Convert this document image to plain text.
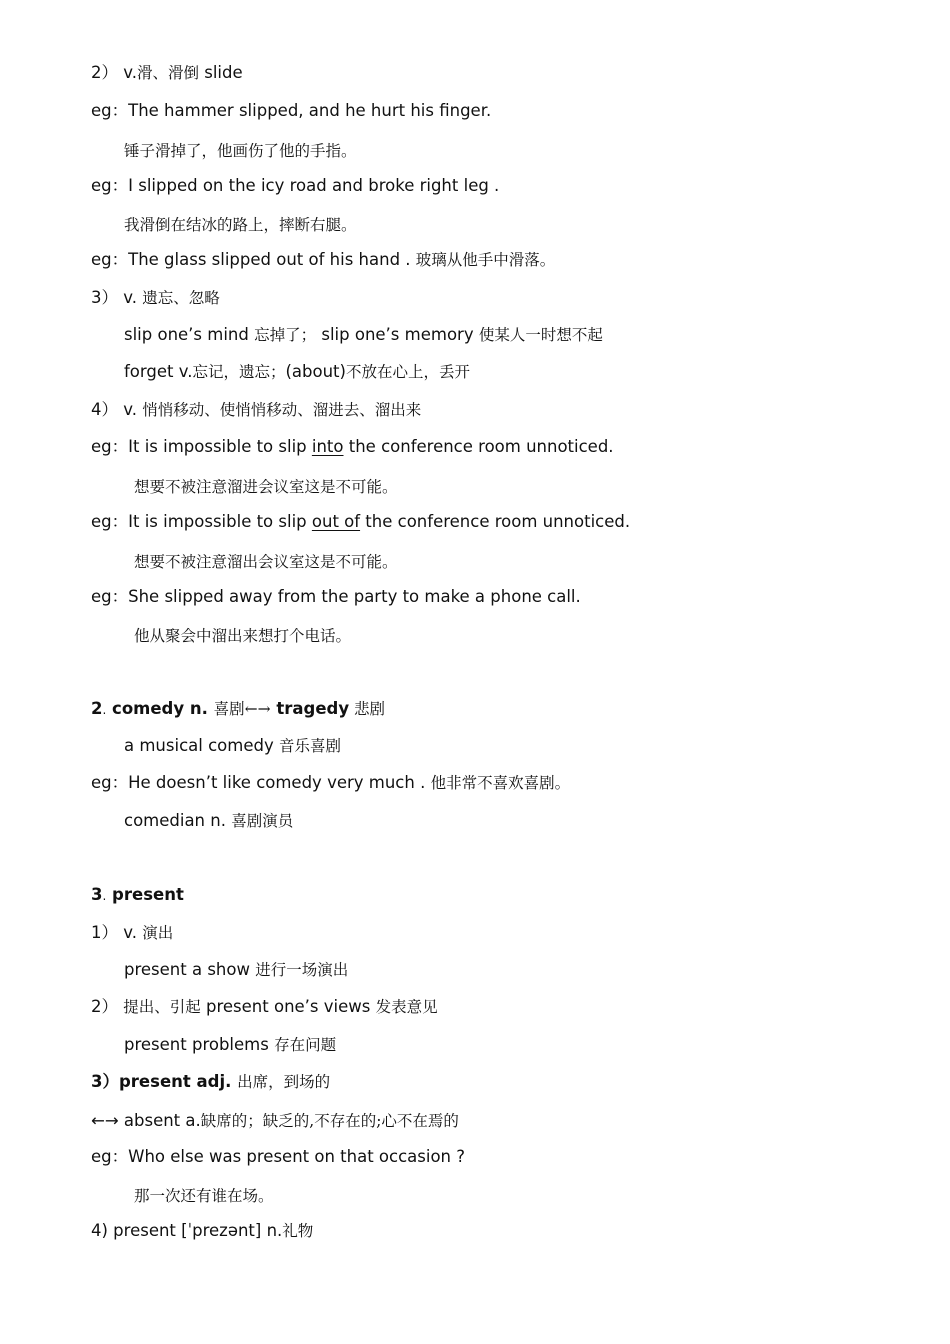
2） v.滑、滑倒 slide
eg：The hammer slipped, and he hurt his finger.
锤子滑掉了，他画伤了他的手指。
eg：I slipped on the icy road and broke right leg .
我滑倒在结冰的路上，摔断右腿。
eg：The glass slipped out of his hand . 玻璃从他手中滑落。
3） v. 遗忘、忽略
slip one’s mind 忘掉了； slip one’s memory 使某人一时想不起
forget v.忘记，遗忘；(about)不放在心上，丢开
4） v. 悄悄移动、使悄悄移动、溜进去、溜出来
eg：It is impossible to slip into the conference room unnoticed.
想要不被注意溜进会议室这是不可能。
eg：It is impossible to slip out of the conference room unnoticed.
想要不被注意溜出会议室这是不可能。
eg：She slipped away from the party to make a phone call.
他从聚会中溜出来想打个电话。
2. comedy n. 喜剧←→ tragedy 悲剧
a musical comedy 音乐喜剧
eg：He doesn’t like comedy very much . 他非常不喜欢喜剧。
comedian n. 喜剧演员
3. present
1） v. 演出
present a show 进行一场演出
2） 提出、引起 present one’s views 发表意见
present problems 存在问题
3）present adj. 出席，到场的
←→ absent a.缺席的；缺乏的,不存在的;心不在焉的
eg：Who else was present on that occasion ?
那一次还有谁在场。
4) present [ˈprezənt] n.礼物
